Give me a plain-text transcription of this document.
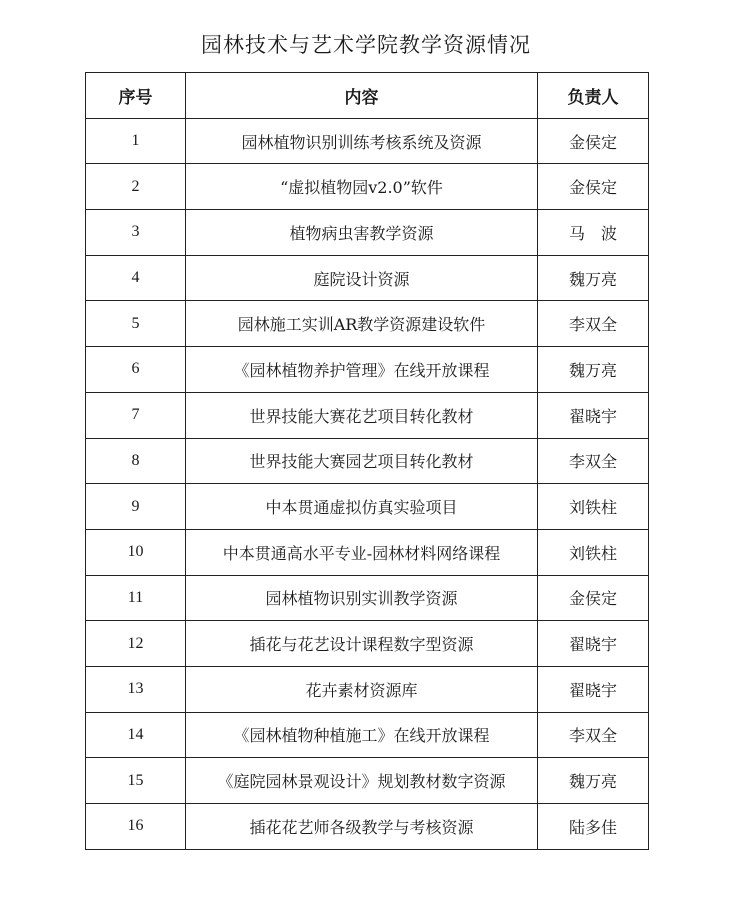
园林技术与艺术学院教学资源情况
序号	内容	负责人
1	园林植物识别训练考核系统及资源	金侯定
2	“虚拟植物园v2.0”软件	金侯定
3	植物病虫害教学资源	马　波
4	庭院设计资源	魏万亮
5	园林施工实训AR教学资源建设软件	李双全
6	《园林植物养护管理》在线开放课程	魏万亮
7	世界技能大赛花艺项目转化教材	翟晓宇
8	世界技能大赛园艺项目转化教材	李双全
9	中本贯通虚拟仿真实验项目	刘铁柱
10	中本贯通高水平专业-园林材料网络课程	刘铁柱
11	园林植物识别实训教学资源	金侯定
12	插花与花艺设计课程数字型资源	翟晓宇
13	花卉素材资源库	翟晓宇
14	《园林植物种植施工》在线开放课程	李双全
15	《庭院园林景观设计》规划教材数字资源	魏万亮
16	插花花艺师各级教学与考核资源	陆多佳
